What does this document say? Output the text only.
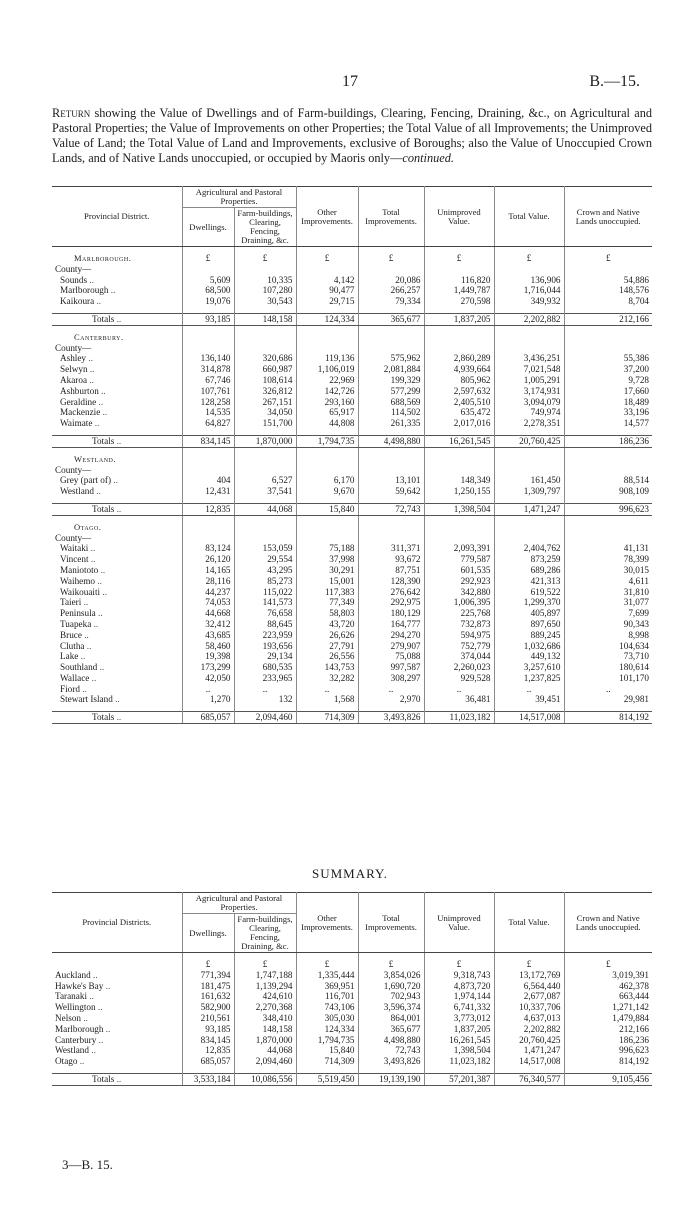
17	B.—15.
Return showing the Value of Dwellings and of Farm-buildings, Clearing, Fencing, Draining, &c., on Agricultural and Pastoral Properties; the Value of Improvements on other Properties; the Total Value of all Improvements; the Unimproved Value of Land; the Total Value of Land and Improvements, exclusive of Boroughs; also the Value of Unoccupied Crown Lands, and of Native Lands unoccupied, or occupied by Maoris only—continued.
Provincial District.	Agricultural and Pastoral Properties.		Other Improvements.	Total Improvements.	Unimproved Value.	Total Value.	Crown and Native Lands unoccupied.
	Dwellings.	Farm-buildings, Clearing, Fencing, Draining, &c.					

Marlborough.	£	£	£	£	£	£	£
County—							
Sounds ..	5,609	10,335	4,142	20,086	116,820	136,906	54,886
Marlborough ..	68,500	107,280	90,477	266,257	1,449,787	1,716,044	148,576
Kaikoura ..	19,076	30,543	29,715	79,334	270,598	349,932	8,704

Totals ..	93,185	148,158	124,334	365,677	1,837,205	2,202,882	212,166

Canterbury.							
County—							
Ashley ..	136,140	320,686	119,136	575,962	2,860,289	3,436,251	55,386
Selwyn ..	314,878	660,987	1,106,019	2,081,884	4,939,664	7,021,548	37,200
Akaroa ..	67,746	108,614	22,969	199,329	805,962	1,005,291	9,728
Ashburton ..	107,761	326,812	142,726	577,299	2,597,632	3,174,931	17,660
Geraldine ..	128,258	267,151	293,160	688,569	2,405,510	3,094,079	18,489
Mackenzie ..	14,535	34,050	65,917	114,502	635,472	749,974	33,196
Waimate ..	64,827	151,700	44,808	261,335	2,017,016	2,278,351	14,577

Totals ..	834,145	1,870,000	1,794,735	4,498,880	16,261,545	20,760,425	186,236

Westland.							
County—							
Grey (part of) ..	404	6,527	6,170	13,101	148,349	161,450	88,514
Westland ..	12,431	37,541	9,670	59,642	1,250,155	1,309,797	908,109

Totals ..	12,835	44,068	15,840	72,743	1,398,504	1,471,247	996,623

Otago.							
County—							
Waitaki ..	83,124	153,059	75,188	311,371	2,093,391	2,404,762	41,131
Vincent ..	26,120	29,554	37,998	93,672	779,587	873,259	78,399
Maniototo ..	14,165	43,295	30,291	87,751	601,535	689,286	30,015
Waihemo ..	28,116	85,273	15,001	128,390	292,923	421,313	4,611
Waikouaiti ..	44,237	115,022	117,383	276,642	342,880	619,522	31,810
Taieri ..	74,053	141,573	77,349	292,975	1,006,395	1,299,370	31,077
Peninsula ..	44,668	76,658	58,803	180,129	225,768	405,897	7,699
Tuapeka ..	32,412	88,645	43,720	164,777	732,873	897,650	90,343
Bruce ..	43,685	223,959	26,626	294,270	594,975	889,245	8,998
Clutha ..	58,460	193,656	27,791	279,907	752,779	1,032,686	104,634
Lake ..	19,398	29,134	26,556	75,088	374,044	449,132	73,710
Southland ..	173,299	680,535	143,753	997,587	2,260,023	3,257,610	180,614
Wallace ..	42,050	233,965	32,282	308,297	929,528	1,237,825	101,170
Fiord ..	..	..	..	..	..	..	..
Stewart Island ..	1,270	132	1,568	2,970	36,481	39,451	29,981

Totals ..	685,057	2,094,460	714,309	3,493,826	11,023,182	14,517,008	814,192
SUMMARY.
Provincial Districts.	Agricultural and Pastoral Properties.		Other Improvements.	Total Improvements.	Unimproved Value.	Total Value.	Crown and Native Lands unoccupied.
	Dwellings.	Farm-buildings, Clearing, Fencing, Draining, &c.					

	£	£	£	£	£	£	£
Auckland ..	771,394	1,747,188	1,335,444	3,854,026	9,318,743	13,172,769	3,019,391
Hawke's Bay ..	181,475	1,139,294	369,951	1,690,720	4,873,720	6,564,440	462,378
Taranaki ..	161,632	424,610	116,701	702,943	1,974,144	2,677,087	663,444
Wellington ..	582,900	2,270,368	743,106	3,596,374	6,741,332	10,337,706	1,271,142
Nelson ..	210,561	348,410	305,030	864,001	3,773,012	4,637,013	1,479,884
Marlborough ..	93,185	148,158	124,334	365,677	1,837,205	2,202,882	212,166
Canterbury ..	834,145	1,870,000	1,794,735	4,498,880	16,261,545	20,760,425	186,236
Westland ..	12,835	44,068	15,840	72,743	1,398,504	1,471,247	996,623
Otago ..	685,057	2,094,460	714,309	3,493,826	11,023,182	14,517,008	814,192

Totals ..	3,533,184	10,086,556	5,519,450	19,139,190	57,201,387	76,340,577	9,105,456
3—B. 15.
